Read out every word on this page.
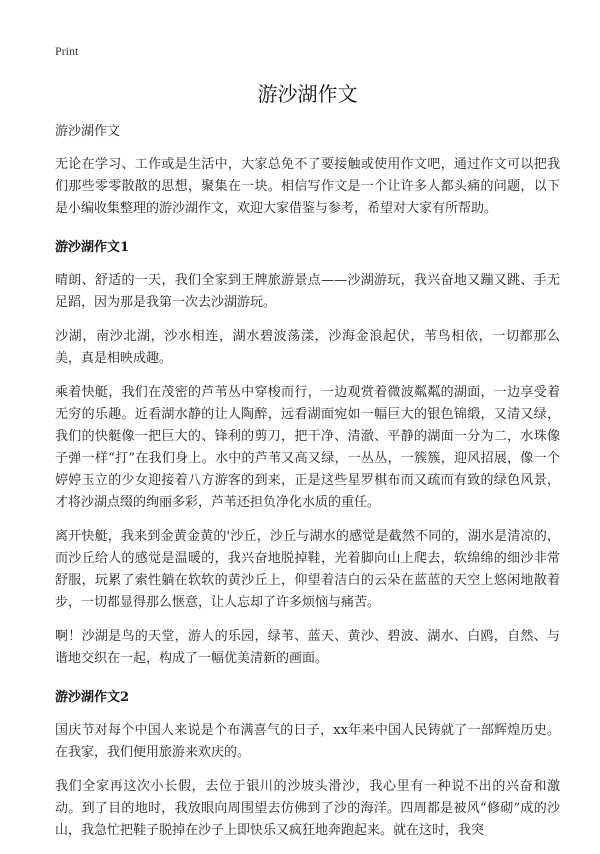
Print
游沙湖作文
游沙湖作文

无论在学习、工作或是生活中，大家总免不了要接触或使用作文吧，通过作文可以把我们那些零零散散的思想，聚集在一块。相信写作文是一个让许多人都头痛的问题，以下是小编收集整理的游沙湖作文，欢迎大家借鉴与参考，希望对大家有所帮助。

游沙湖作文1

晴朗、舒适的一天，我们全家到王牌旅游景点——沙湖游玩，我兴奋地又蹦又跳、手无足蹈，因为那是我第一次去沙湖游玩。

沙湖，南沙北湖，沙水相连，湖水碧波荡漾，沙海金浪起伏，苇鸟相依，一切都那么美，真是相映成趣。

乘着快艇，我们在茂密的芦苇丛中穿梭而行，一边观赏着微波粼粼的湖面，一边享受着无穷的乐趣。近看湖水静的让人陶醉，远看湖面宛如一幅巨大的银色锦缎，又清又绿，我们的快艇像一把巨大的、锋利的剪刀，把干净、清澈、平静的湖面一分为二，水珠像子弹一样“打”在我们身上。水中的芦苇又高又绿，一丛丛，一簇簇，迎风招展，像一个婷婷玉立的少女迎接着八方游客的到来，正是这些星罗棋布而又疏而有致的绿色风景，才将沙湖点缀的绚丽多彩，芦苇还担负净化水质的重任。

离开快艇，我来到金黄金黄的'沙丘，沙丘与湖水的感觉是截然不同的，湖水是清凉的，而沙丘给人的感觉是温暖的，我兴奋地脱掉鞋，光着脚向山上爬去，软绵绵的细沙非常舒服，玩累了索性躺在软软的黄沙丘上，仰望着洁白的云朵在蓝蓝的天空上悠闲地散着步，一切都显得那么惬意，让人忘却了许多烦恼与痛苦。

啊！沙湖是鸟的天堂，游人的乐园，绿苇、蓝天、黄沙、碧波、湖水、白鸥，自然、与谐地交织在一起，构成了一幅优美清新的画面。

游沙湖作文2

国庆节对每个中国人来说是个布满喜气的日子，xx年来中国人民铸就了一部辉煌历史。在我家，我们便用旅游来欢庆的。

我们全家再这次小长假，去位于银川的沙坡头滑沙，我心里有一种说不出的兴奋和激动。到了目的地时，我放眼向周围望去仿佛到了沙的海洋。四周都是被风“修砌”成的沙山，我急忙把鞋子脱掉在沙子上即快乐又疯狂地奔跑起来。就在这时，我突
